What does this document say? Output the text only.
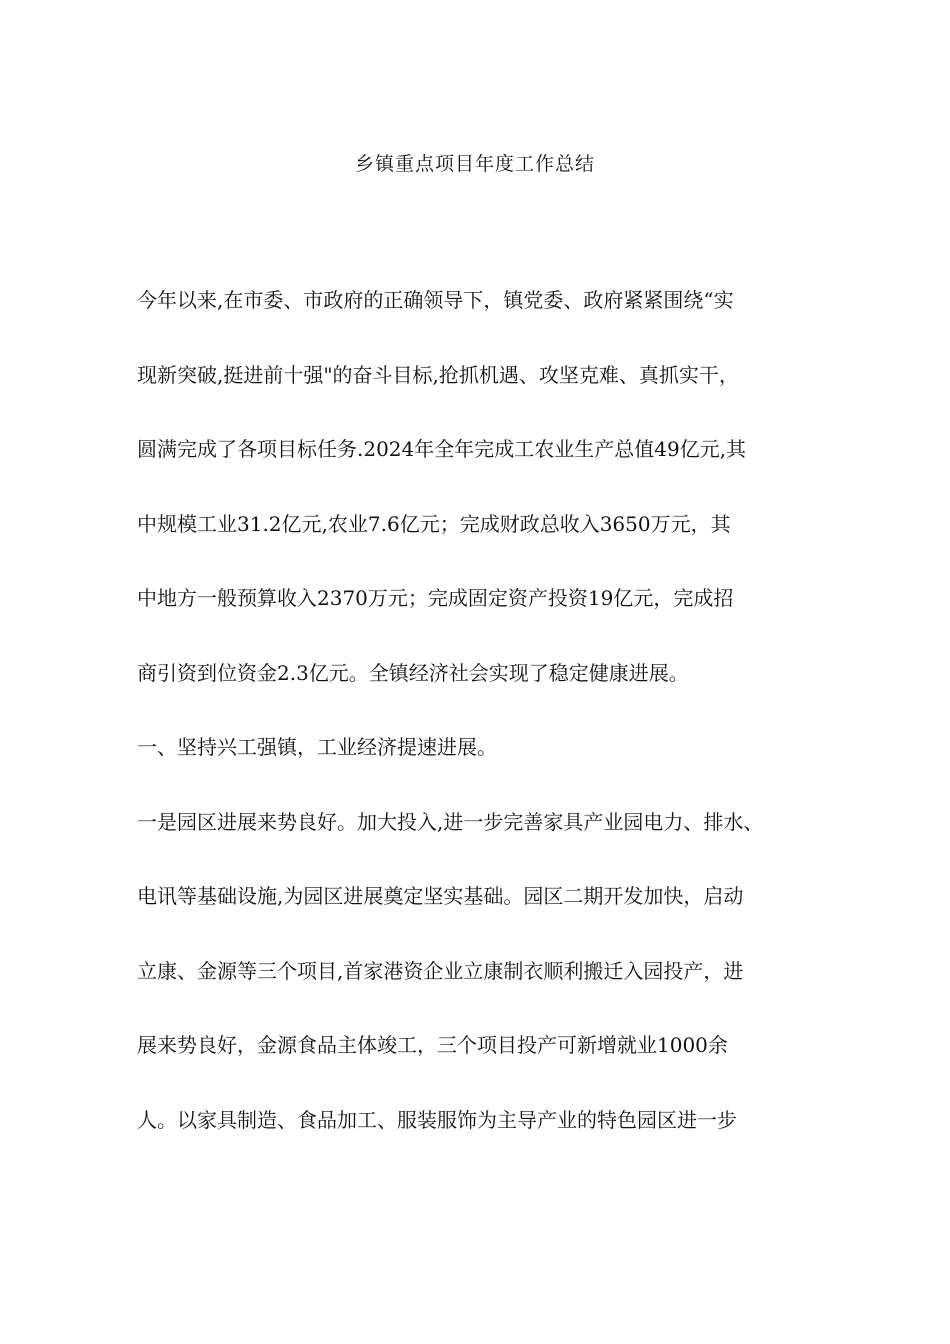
乡镇重点项目年度工作总结
今年以来,在市委、市政府的正确领导下，镇党委、政府紧紧围绕“实
现新突破,挺进前十强"的奋斗目标,抢抓机遇、攻坚克难、真抓实干，
圆满完成了各项目标任务.2024年全年完成工农业生产总值49亿元,其
中规模工业31.2亿元,农业7.6亿元；完成财政总收入3650万元，其
中地方一般预算收入2370万元；完成固定资产投资19亿元，完成招
商引资到位资金2.3亿元。全镇经济社会实现了稳定健康进展。
一、坚持兴工强镇，工业经济提速进展。
一是园区进展来势良好。加大投入,进一步完善家具产业园电力、排水、
电讯等基础设施,为园区进展奠定坚实基础。园区二期开发加快，启动
立康、金源等三个项目,首家港资企业立康制衣顺利搬迁入园投产，进
展来势良好，金源食品主体竣工，三个项目投产可新增就业1000余
人。以家具制造、食品加工、服装服饰为主导产业的特色园区进一步
